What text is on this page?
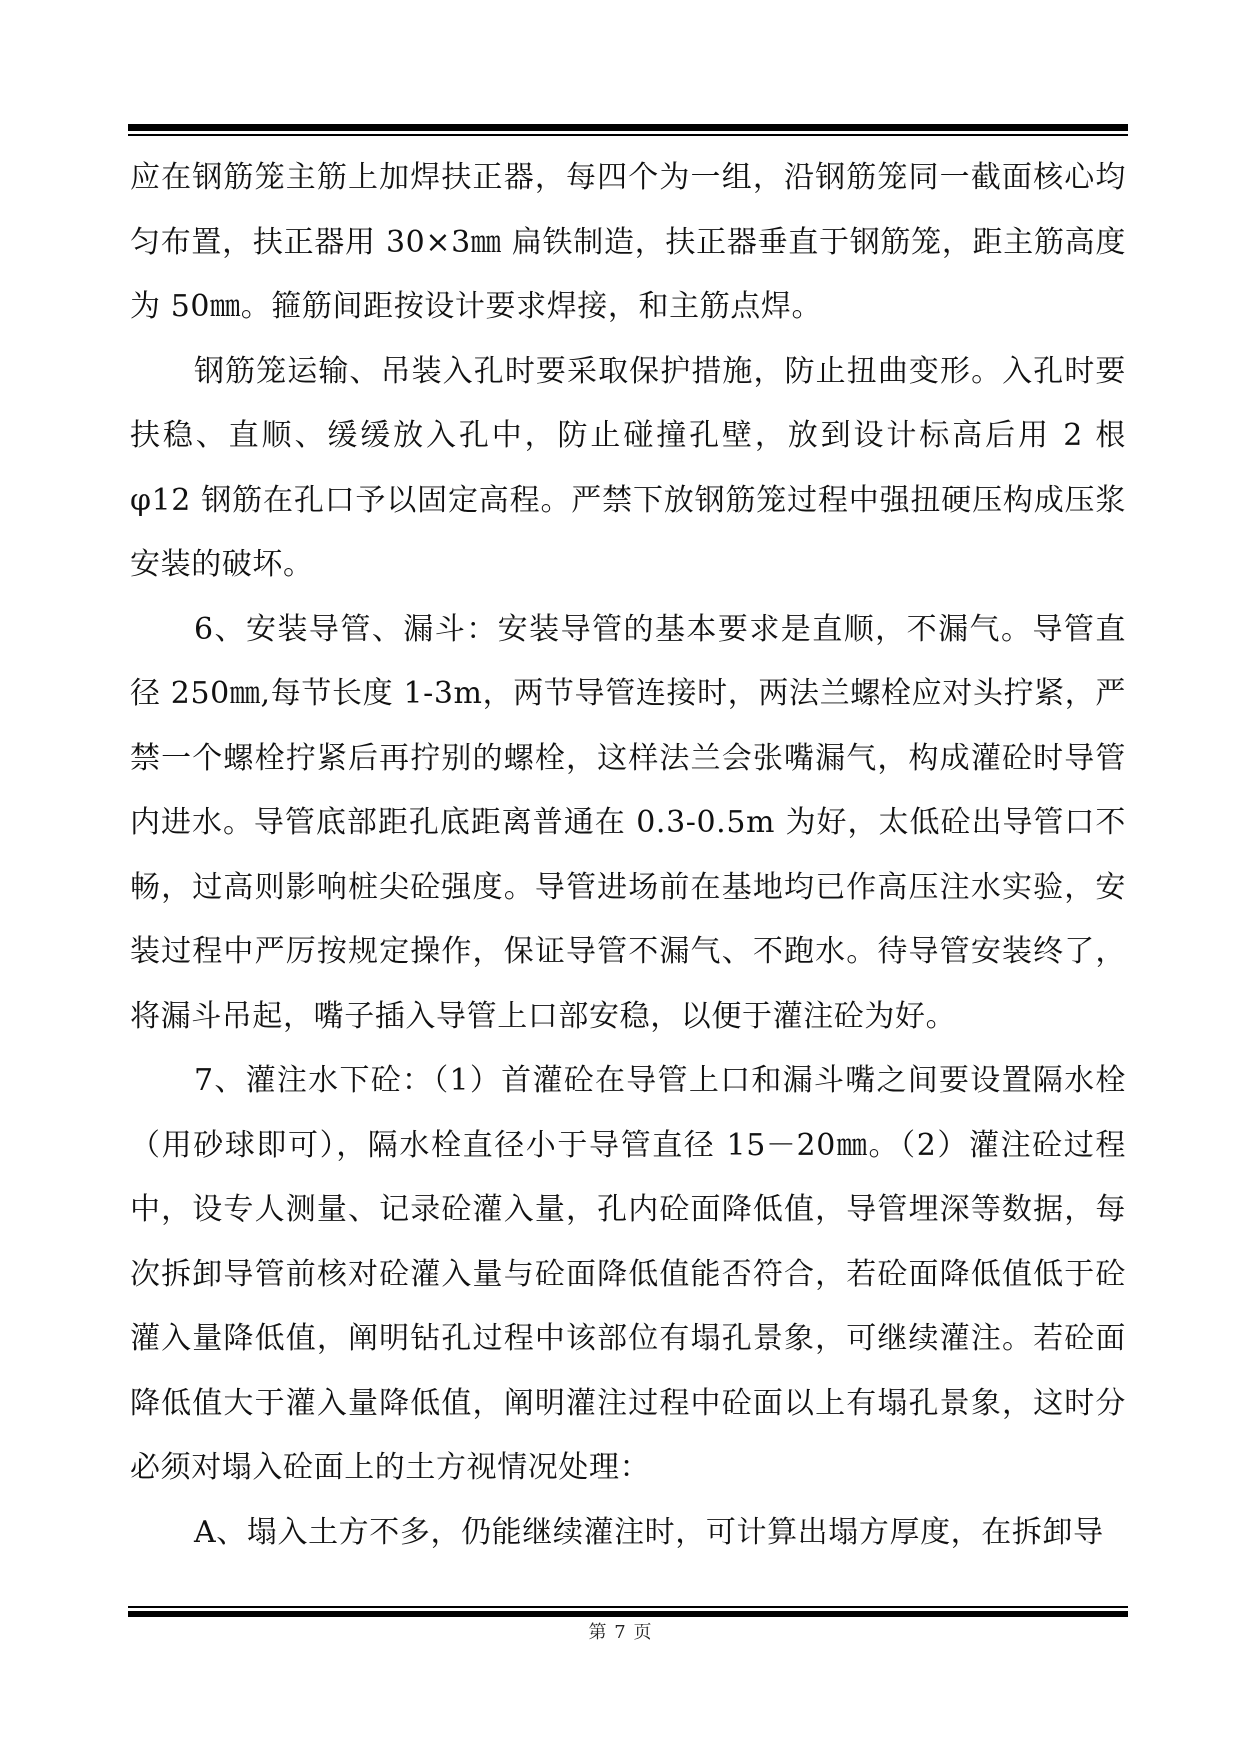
应在钢筋笼主筋上加焊扶正器，每四个为一组，沿钢筋笼同一截面核心均匀布置，扶正器用 30×3㎜ 扁铁制造，扶正器垂直于钢筋笼，距主筋高度为 50㎜。箍筋间距按设计要求焊接，和主筋点焊。

钢筋笼运输、吊装入孔时要采取保护措施，防止扭曲变形。入孔时要扶稳、直顺、缓缓放入孔中，防止碰撞孔壁，放到设计标高后用 2 根 φ12 钢筋在孔口予以固定高程。严禁下放钢筋笼过程中强扭硬压构成压浆安装的破坏。

6、安装导管、漏斗：安装导管的基本要求是直顺，不漏气。导管直径 250㎜,每节长度 1-3m，两节导管连接时，两法兰螺栓应对头拧紧，严禁一个螺栓拧紧后再拧别的螺栓，这样法兰会张嘴漏气，构成灌砼时导管内进水。导管底部距孔底距离普通在 0.3-0.5m 为好，太低砼出导管口不畅，过高则影响桩尖砼强度。导管进场前在基地均已作高压注水实验，安装过程中严厉按规定操作，保证导管不漏气、不跑水。待导管安装终了，将漏斗吊起，嘴子插入导管上口部安稳，以便于灌注砼为好。

7、灌注水下砼：（1）首灌砼在导管上口和漏斗嘴之间要设置隔水栓（用砂球即可），隔水栓直径小于导管直径 15－20㎜。（2）灌注砼过程中，设专人测量、记录砼灌入量，孔内砼面降低值，导管埋深等数据，每次拆卸导管前核对砼灌入量与砼面降低值能否符合，若砼面降低值低于砼灌入量降低值，阐明钻孔过程中该部位有塌孔景象，可继续灌注。若砼面降低值大于灌入量降低值，阐明灌注过程中砼面以上有塌孔景象，这时分必须对塌入砼面上的土方视情况处理：

A、塌入土方不多，仍能继续灌注时，可计算出塌方厚度，在拆卸导

第 7 页
